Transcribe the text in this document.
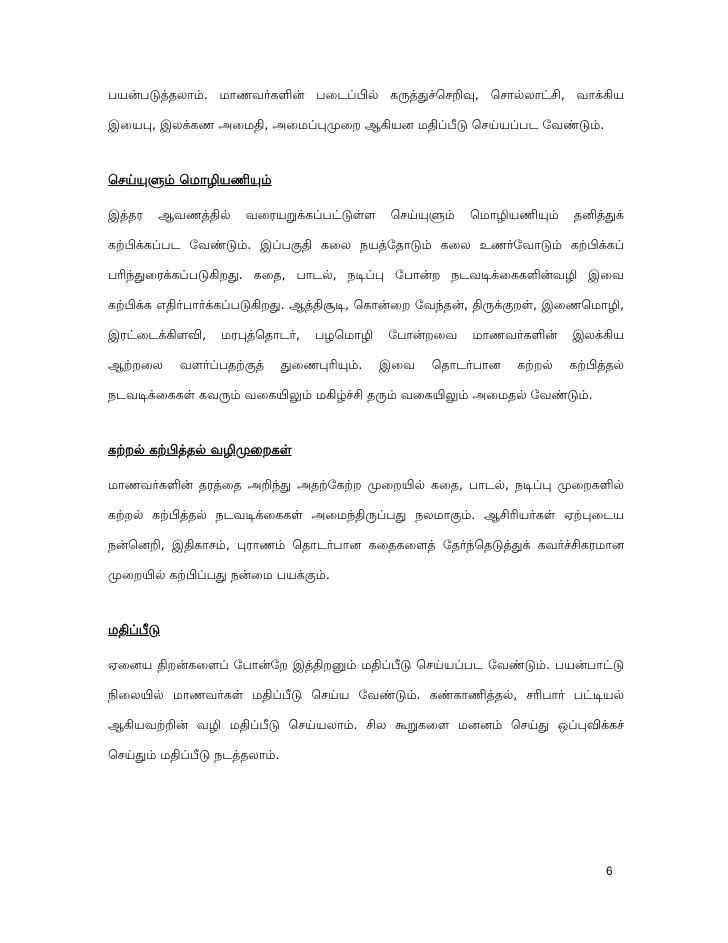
பயன்படுத்தலாம். மாணவர்களின் படைப்பில் கருத்துச்செறிவு, சொல்லாட்சி, வாக்கிய இயைபு, இலக்கண அமைதி, அமைப்புமுறை ஆகியன மதிப்பீடு செய்யப்பட வேண்டும்.

செய்யுளும் மொழியணியும்

இத்தர ஆவணத்தில் வரையறுக்கப்பட்டுள்ள செய்யுளும் மொழியணியும் தனித்துக் கற்பிக்கப்பட வேண்டும். இப்பகுதி கலை நயத்தோடும் கலை உணர்வோடும் கற்பிக்கப் பரிந்துரைக்கப்படுகிறது. கதை, பாடல், நடிப்பு போன்ற நடவடிக்கைகளின்வழி இவை கற்பிக்க எதிர்பார்க்கப்படுகிறது. ஆத்திசூடி, கொன்றை வேந்தன், திருக்குறள், இணைமொழி, இரட்டைக்கிளவி, மரபுத்தொடர், பழமொழி போன்றவை மாணவர்களின் இலக்கிய ஆற்றலை வளர்ப்பதற்குத் துணைபுரியும். இவை தொடர்பான கற்றல் கற்பித்தல் நடவடிக்கைகள் கவரும் வகையிலும் மகிழ்ச்சி தரும் வகையிலும் அமைதல் வேண்டும்.

கற்றல் கற்பித்தல் வழிமுறைகள்

மாணவர்களின் தரத்தை அறிந்து அதற்கேற்ற முறையில் கதை, பாடல், நடிப்பு முறைகளில் கற்றல் கற்பித்தல் நடவடிக்கைகள் அமைந்திருப்பது நலமாகும். ஆசிரியர்கள் ஏற்புடைய நன்னெறி, இதிகாசம், புராணம் தொடர்பான கதைகளைத் தேர்ந்தெடுத்துக் கவர்ச்சிகரமான முறையில் கற்பிப்பது நன்மை பயக்கும்.

மதிப்பீடு

ஏனைய திறன்களைப் போன்றே இத்திறனும் மதிப்பீடு செய்யப்பட வேண்டும். பயன்பாட்டு நிலையில் மாணவர்கள் மதிப்பீடு செய்ய வேண்டும். கண்காணித்தல், சரிபார் பட்டியல் ஆகியவற்றின் வழி மதிப்பீடு செய்யலாம். சில கூறுகளை மனனம் செய்து ஒப்புவிக்கச் செய்தும் மதிப்பீடு நடத்தலாம்.

6
